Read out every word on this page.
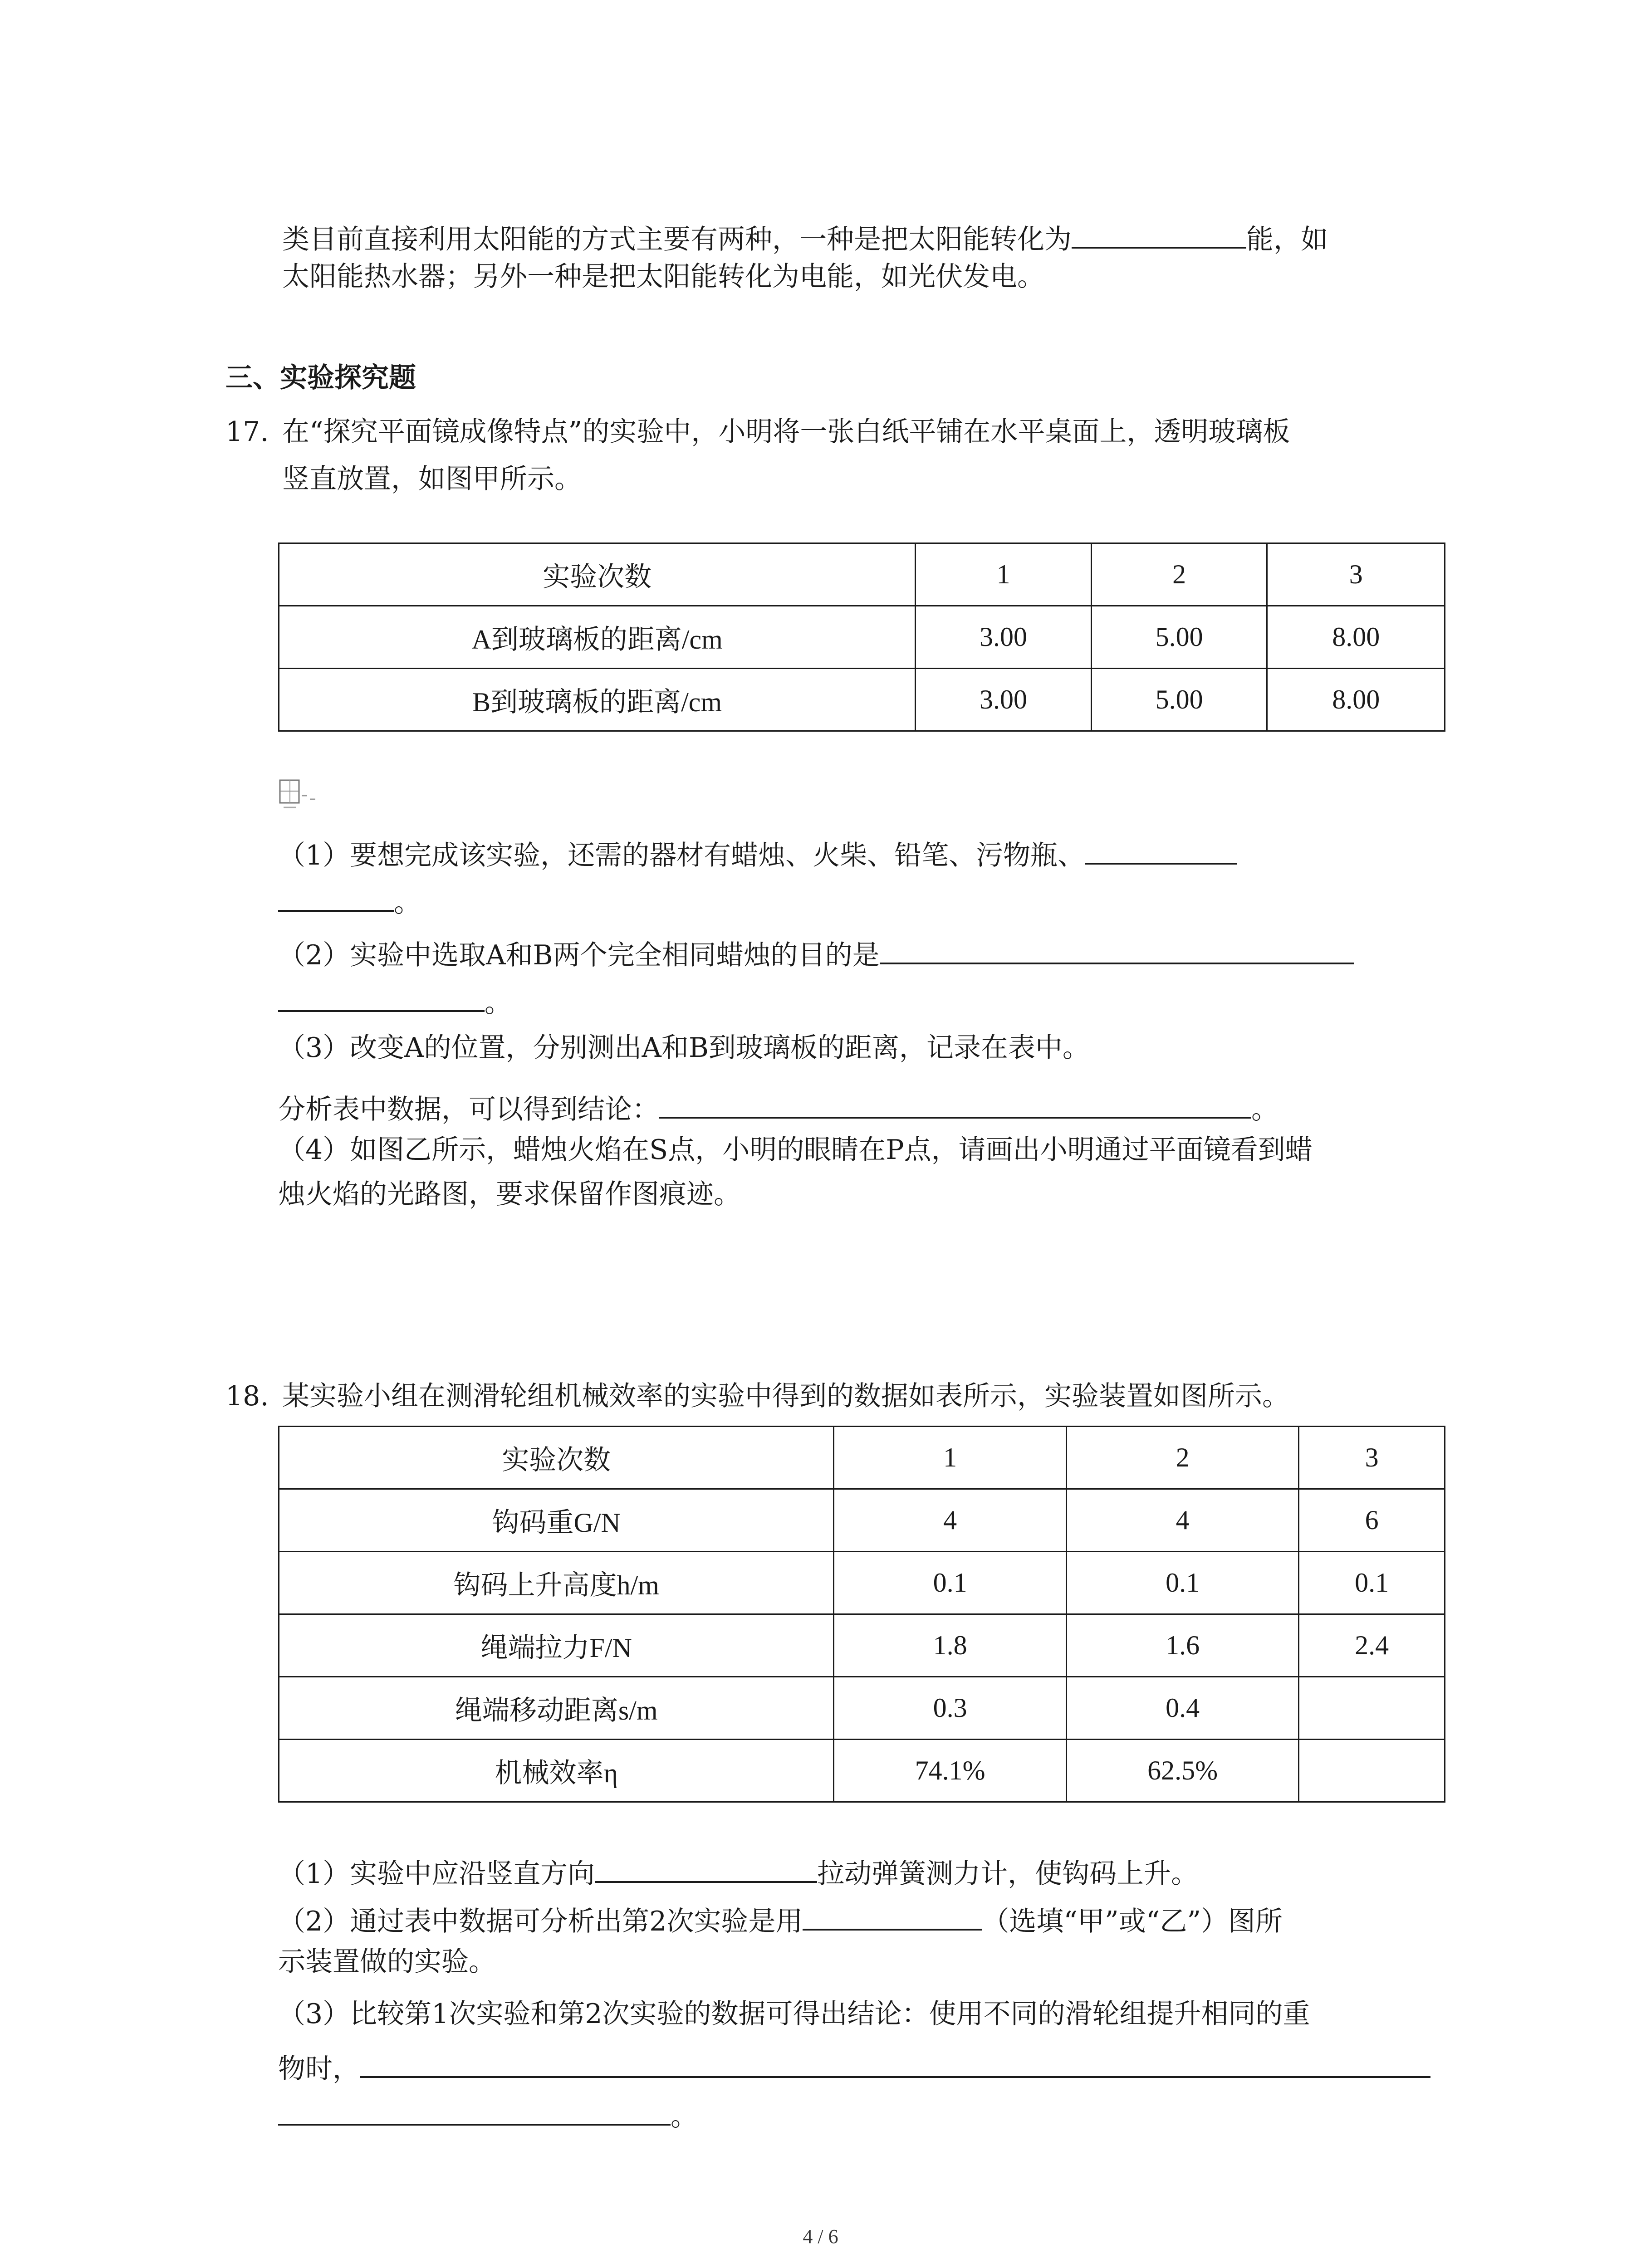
类目前直接利用太阳能的方式主要有两种，一种是把太阳能转化为	能，如
太阳能热水器；另外一种是把太阳能转化为电能，如光伏发电。
三、实验探究题
17. 在“探究平面镜成像特点”的实验中，小明将一张白纸平铺在水平桌面上，透明玻璃板
竖直放置，如图甲所示。
实验次数	1	2	3
A到玻璃板的距离/cm	3.00	5.00	8.00
B到玻璃板的距离/cm	3.00	5.00	8.00
（1）要想完成该实验，还需的器材有蜡烛、火柴、铅笔、污物瓶、
。
（2）实验中选取A和B两个完全相同蜡烛的目的是
。
（3）改变A的位置，分别测出A和B到玻璃板的距离，记录在表中。
分析表中数据，可以得到结论：	。
（4）如图乙所示，蜡烛火焰在S点，小明的眼睛在P点，请画出小明通过平面镜看到蜡
烛火焰的光路图，要求保留作图痕迹。
18. 某实验小组在测滑轮组机械效率的实验中得到的数据如表所示，实验装置如图所示。
实验次数	1	2	3
钩码重G/N	4	4	6
钩码上升高度h/m	0.1	0.1	0.1
绳端拉力F/N	1.8	1.6	2.4
绳端移动距离s/m	0.3	0.4	
机械效率η	74.1%	62.5%	
（1）实验中应沿竖直方向	拉动弹簧测力计，使钩码上升。
（2）通过表中数据可分析出第2次实验是用	（选填“甲”或“乙”）图所
示装置做的实验。
（3）比较第1次实验和第2次实验的数据可得出结论：使用不同的滑轮组提升相同的重
物时，
。
4 / 6
